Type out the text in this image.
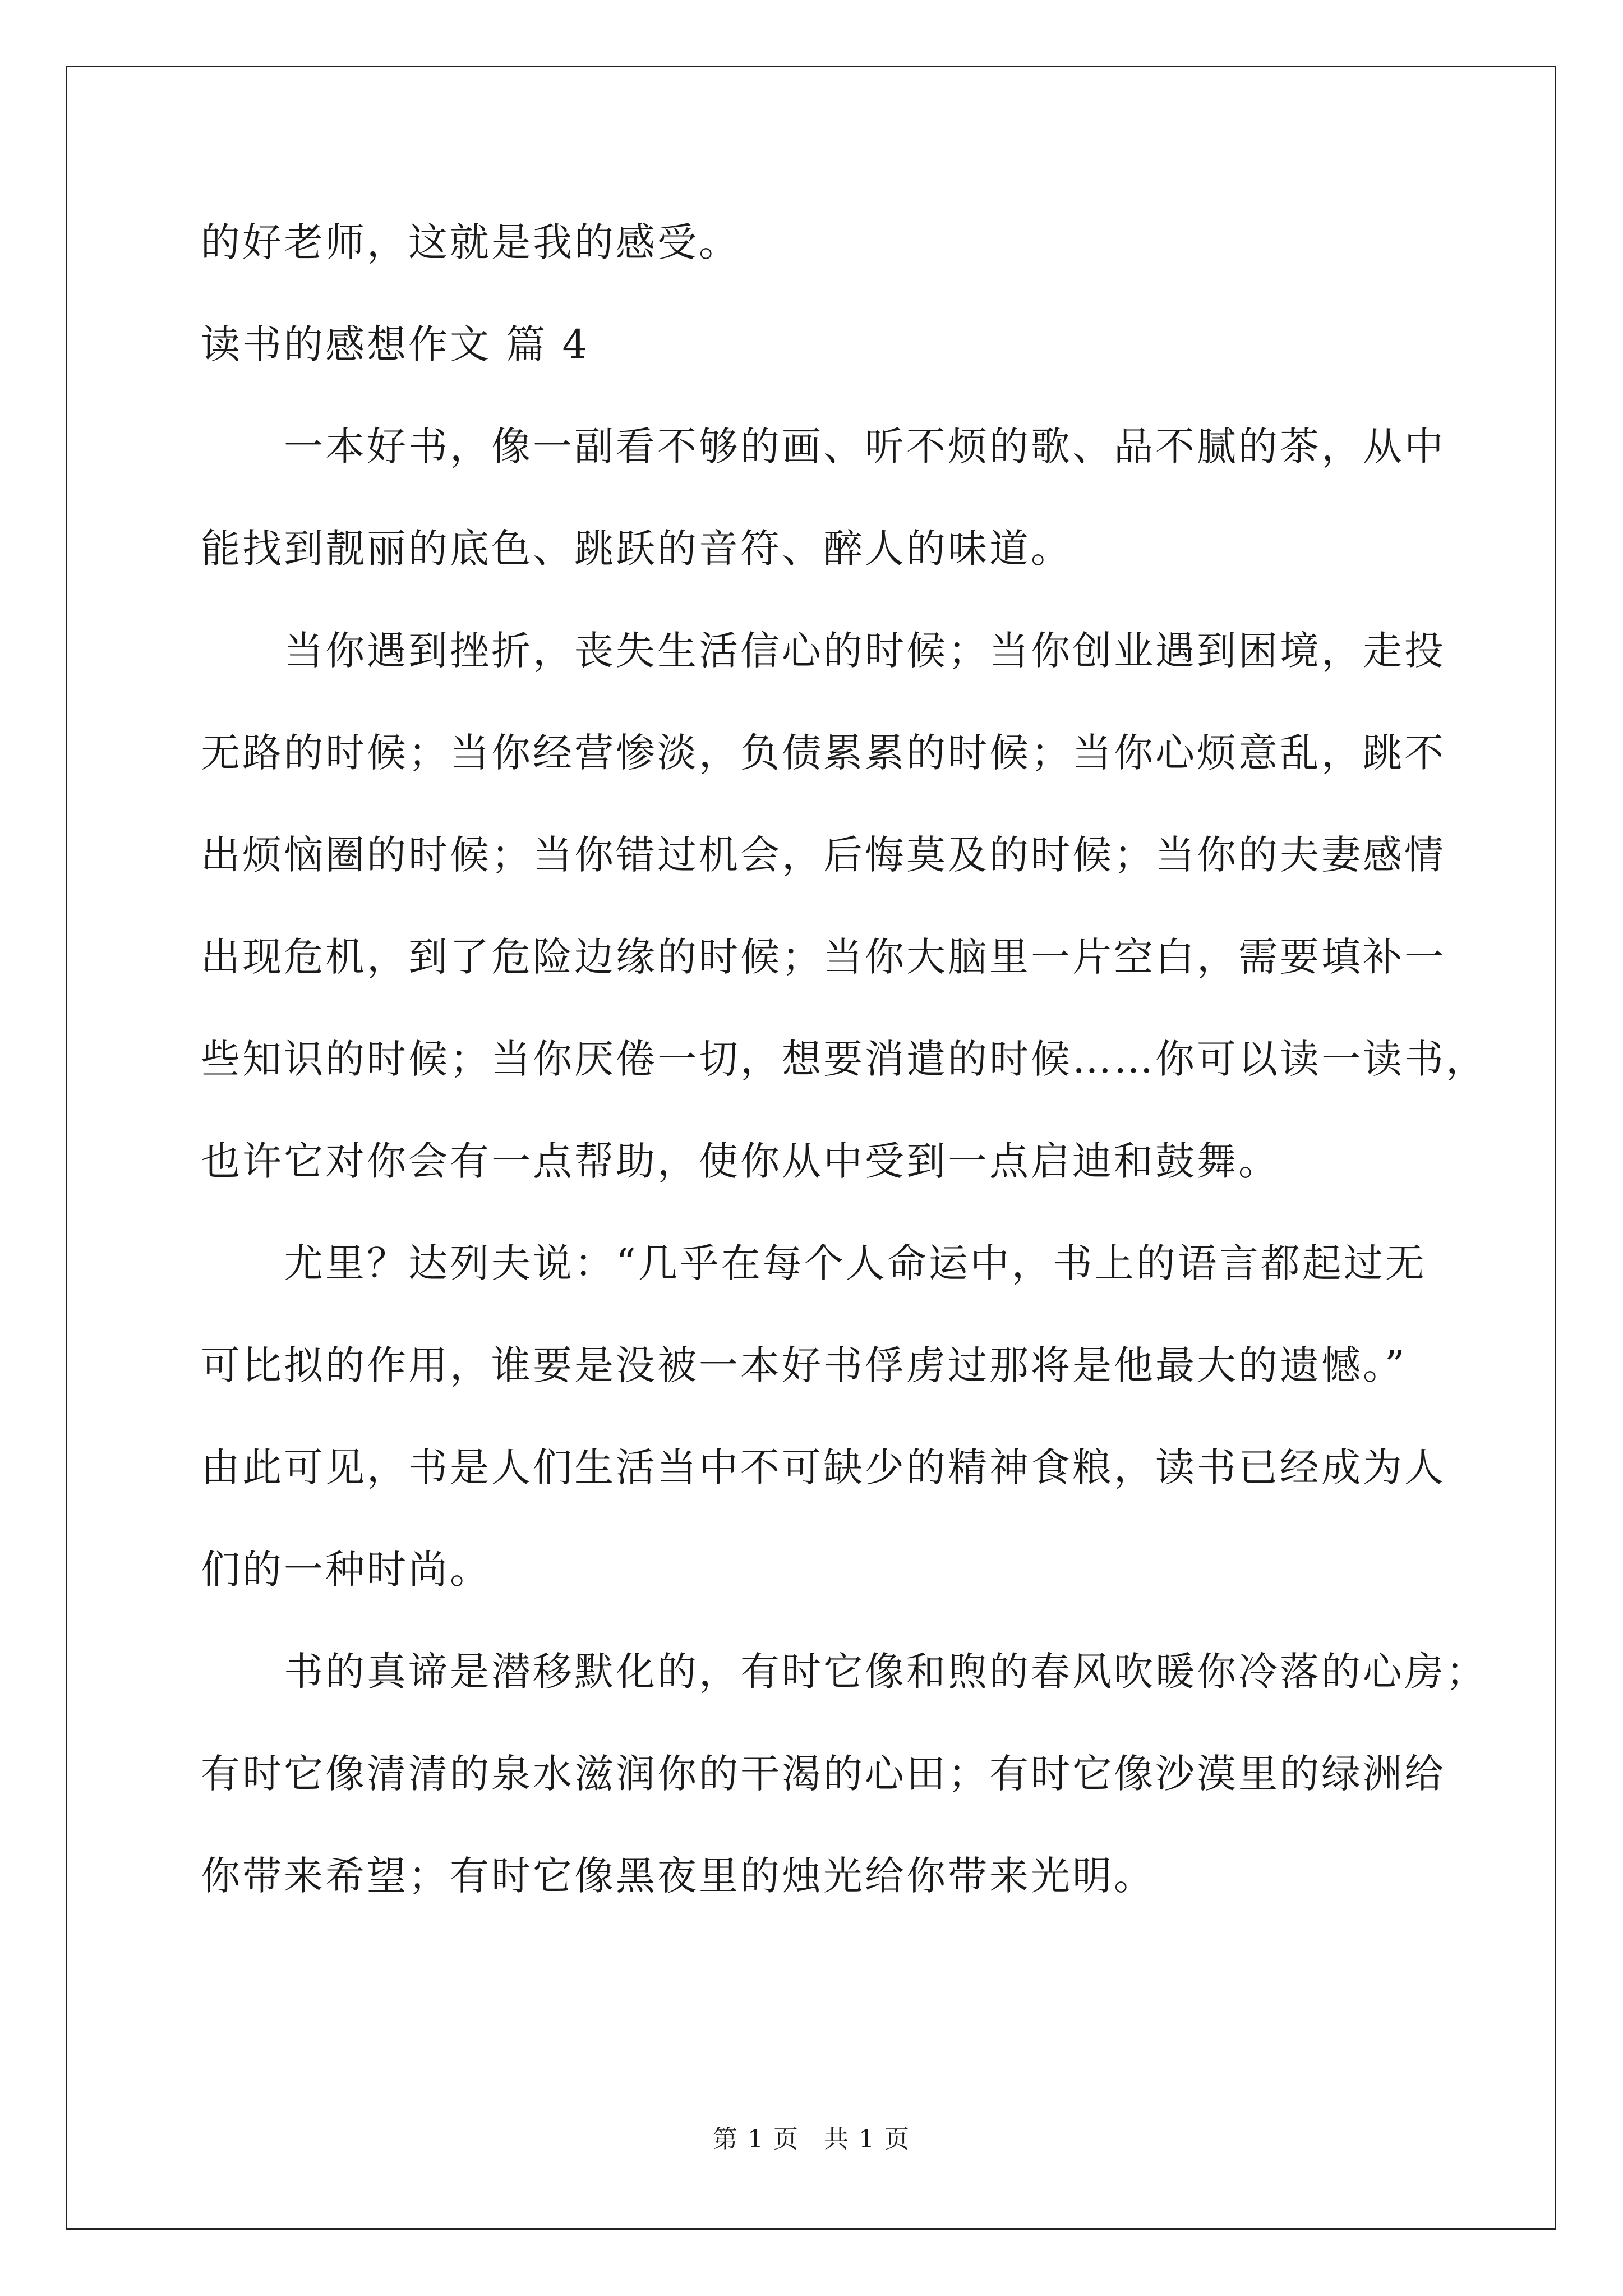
的好老师，这就是我的感受。
读书的感想作文 篇 4
一本好书，像一副看不够的画、听不烦的歌、品不腻的茶，从中
能找到靓丽的底色、跳跃的音符、醉人的味道。
当你遇到挫折，丧失生活信心的时候；当你创业遇到困境，走投
无路的时候；当你经营惨淡，负债累累的时候；当你心烦意乱，跳不
出烦恼圈的时候；当你错过机会，后悔莫及的时候；当你的夫妻感情
出现危机，到了危险边缘的时候；当你大脑里一片空白，需要填补一
些知识的时候；当你厌倦一切，想要消遣的时候……你可以读一读书，
也许它对你会有一点帮助，使你从中受到一点启迪和鼓舞。
尤里？达列夫说：“几乎在每个人命运中，书上的语言都起过无
可比拟的作用，谁要是没被一本好书俘虏过那将是他最大的遗憾。”
由此可见，书是人们生活当中不可缺少的精神食粮，读书已经成为人
们的一种时尚。
书的真谛是潜移默化的，有时它像和煦的春风吹暖你冷落的心房；
有时它像清清的泉水滋润你的干渴的心田；有时它像沙漠里的绿洲给
你带来希望；有时它像黑夜里的烛光给你带来光明。
第 1 页 共 1 页
